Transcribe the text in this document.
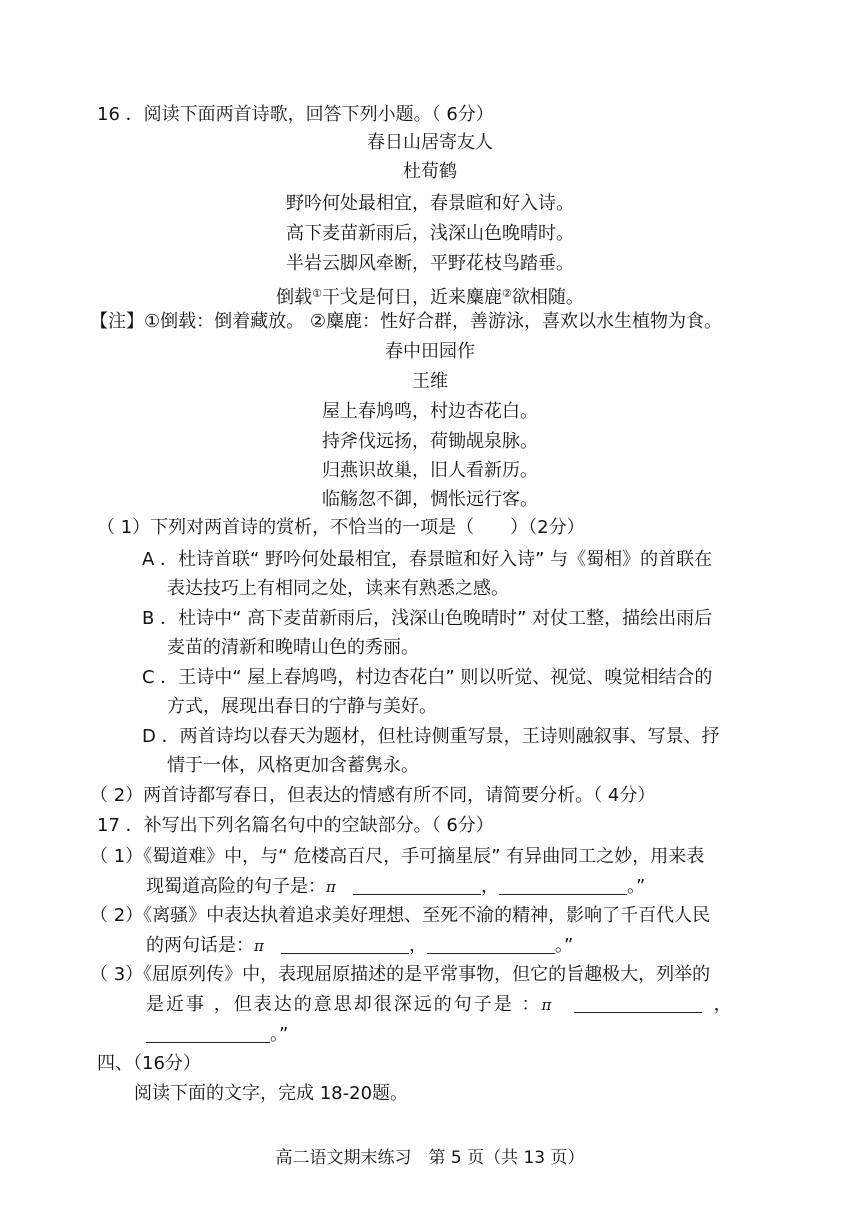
16 ．阅读下面两首诗歌，回答下列小题。（ 6分）
春日山居寄友人
杜荀鹤
野吟何处最相宜，春景暄和好入诗。
高下麦苗新雨后，浅深山色晚晴时。
半岩云脚风牵断，平野花枝鸟踏垂。
倒载①干戈是何日，近来麋鹿②欲相随。
【注】①倒载：倒着藏放。 ②麋鹿：性好合群，善游泳，喜欢以水生植物为食。
春中田园作
王维
屋上春鸠鸣，村边杏花白。
持斧伐远扬，荷锄觇泉脉。
归燕识故巢，旧人看新历。
临觞忽不御，惆怅远行客。
（ 1）下列对两首诗的赏析，不恰当的一项是（　　）（2分）
A ．杜诗首联“ 野吟何处最相宜，春景暄和好入诗” 与《蜀相》的首联在
表达技巧上有相同之处，读来有熟悉之感。
B ．杜诗中“ 高下麦苗新雨后，浅深山色晚晴时” 对仗工整，描绘出雨后
麦苗的清新和晚晴山色的秀丽。
C ．王诗中“ 屋上春鸠鸣，村边杏花白” 则以听觉、视觉、嗅觉相结合的
方式，展现出春日的宁静与美好。
D ．两首诗均以春天为题材，但杜诗侧重写景，王诗则融叙事、写景、抒
情于一体，风格更加含蓄隽永。
（ 2）两首诗都写春日，但表达的情感有所不同，请简要分析。（ 4分）
17 ．补写出下列名篇名句中的空缺部分。（ 6分）
（ 1）《蜀道难》中，与“ 危楼高百尺，手可摘星辰” 有异曲同工之妙，用来表
现蜀道高险的句子是：π	，	。”
（ 2）《离骚》中表达执着追求美好理想、至死不渝的精神，影响了千百代人民
的两句话是：π	，	。”
（ 3）《屈原列传》中，表现屈原描述的是平常事物，但它的旨趣极大，列举的
是近事 ，但表达的意思却很深远的句子是 ：π	，
。”
四、（16分）
阅读下面的文字，完成 18-20题。
高二语文期末练习　第 5 页（共 13 页）
